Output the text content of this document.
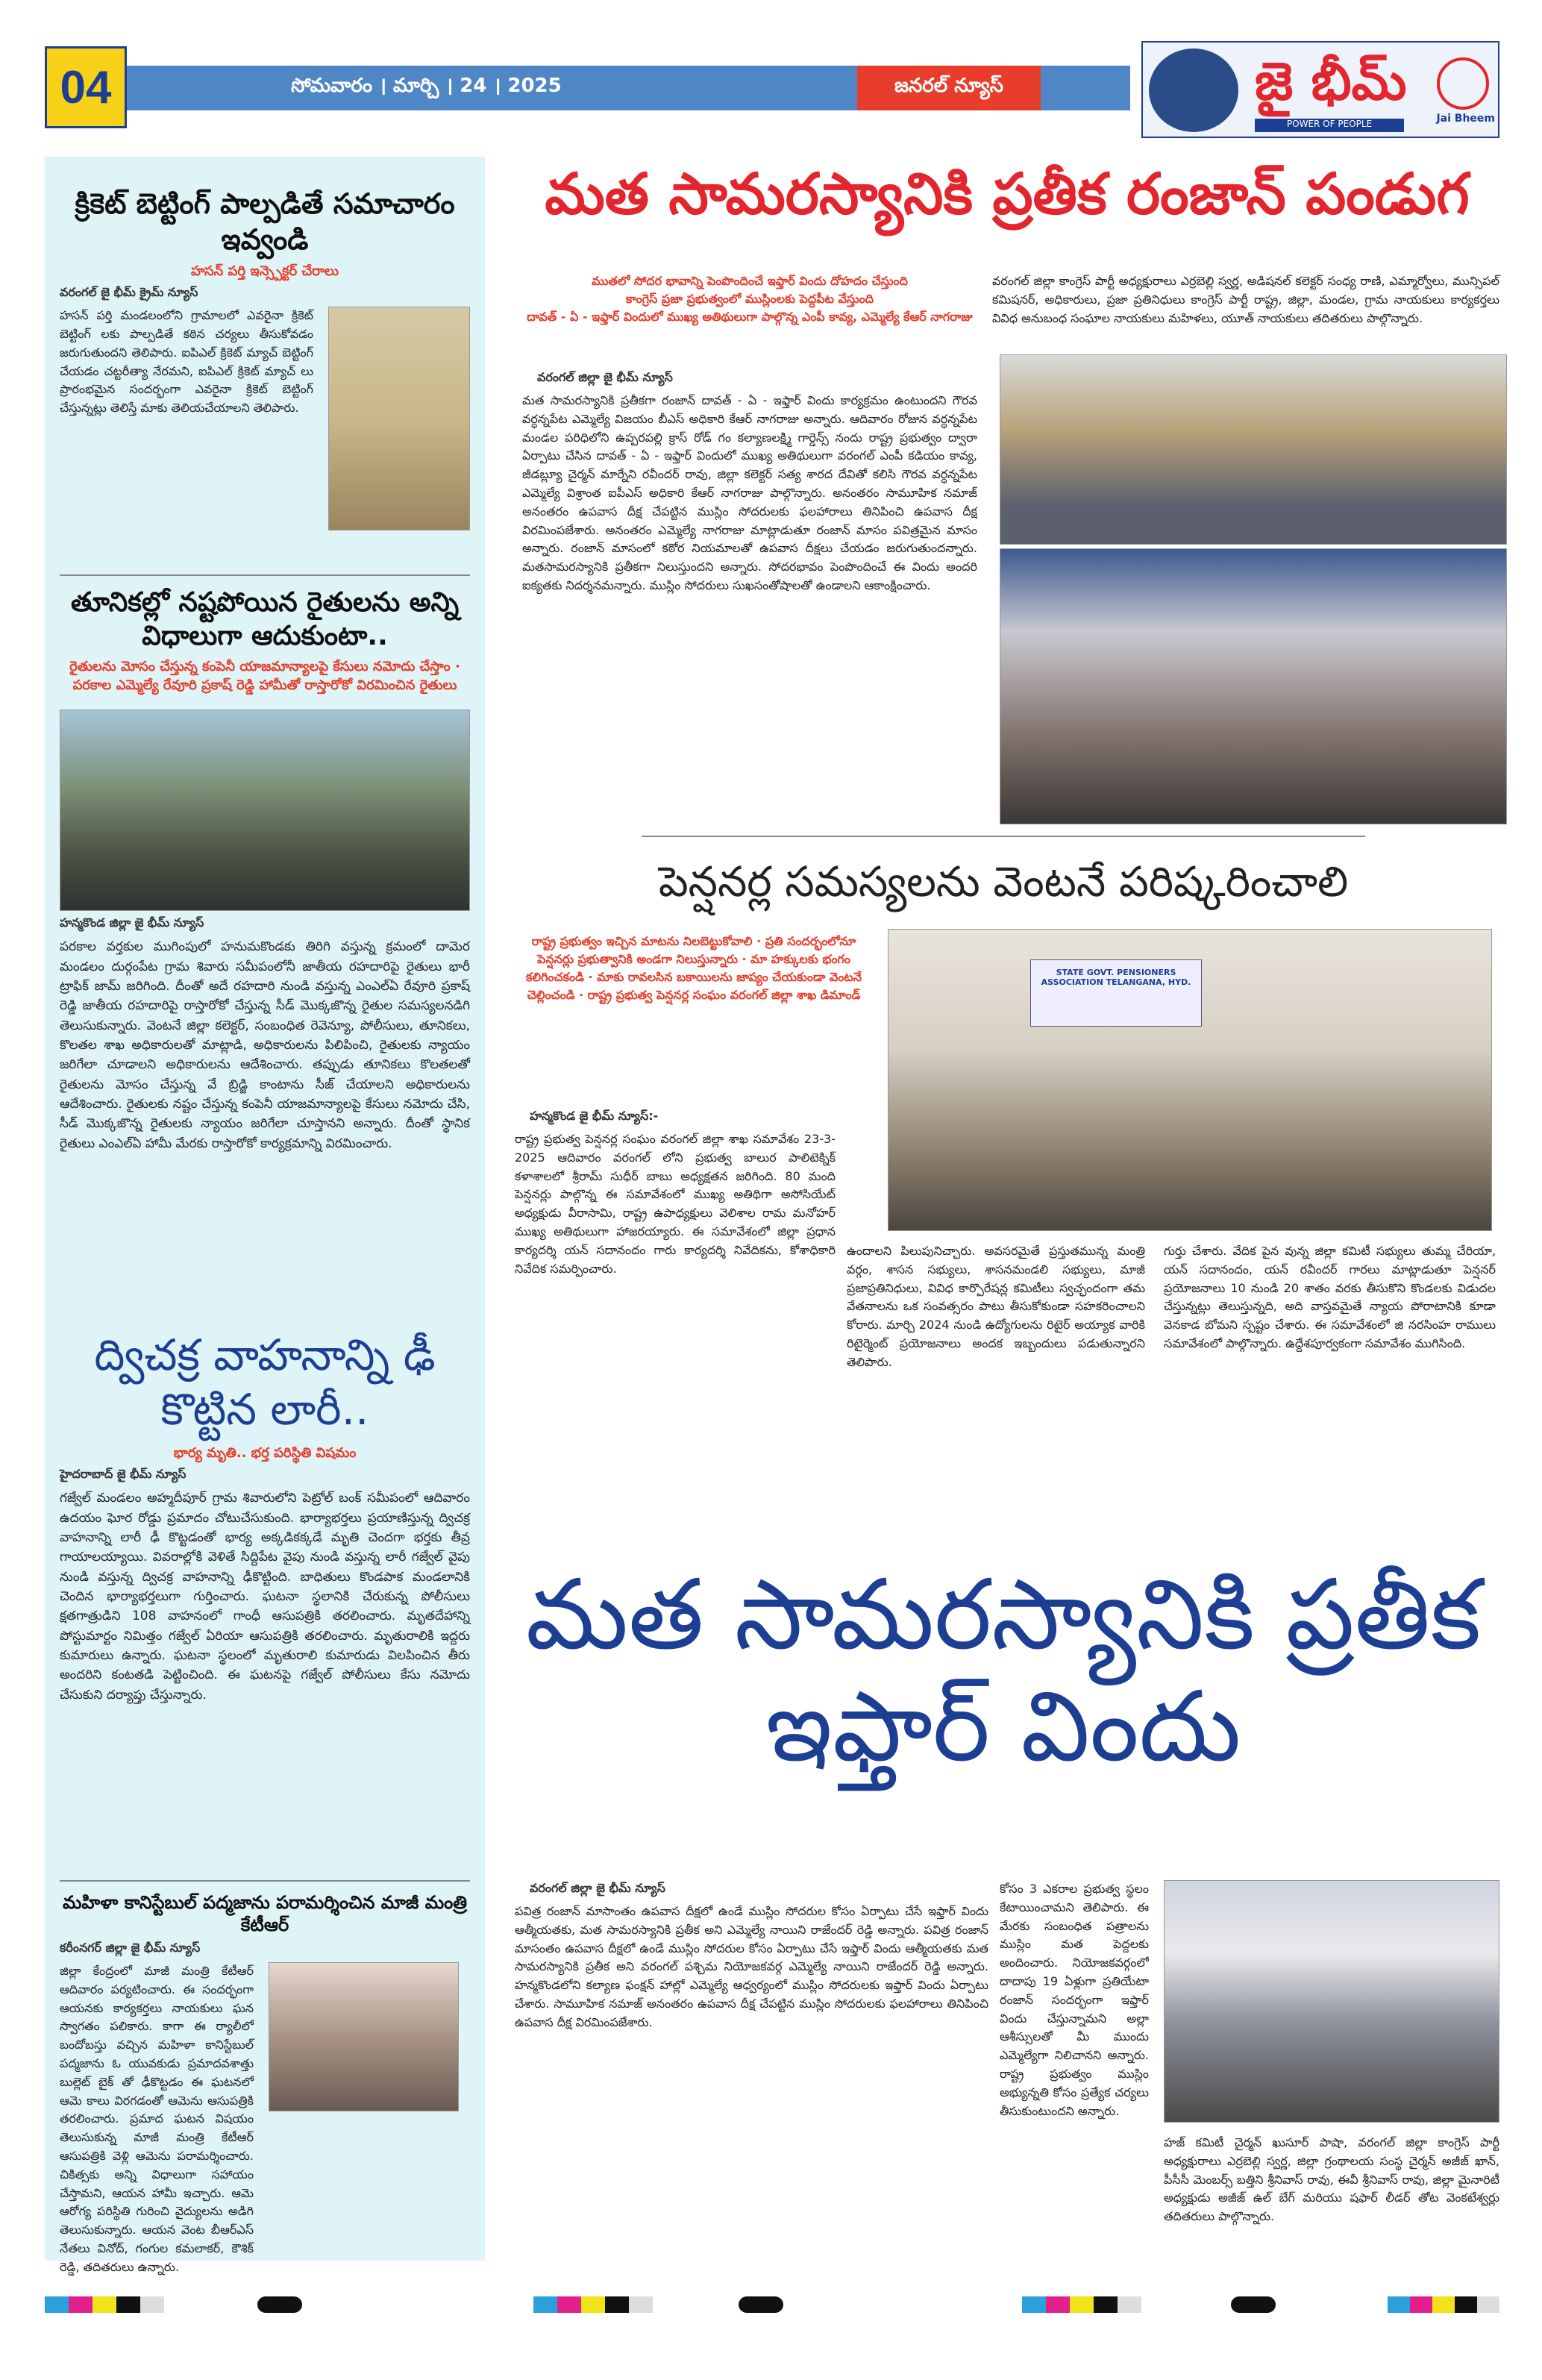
04	సోమవారం । మార్చి । 24 । 2025	జనరల్ న్యూస్	జై భీమ్
POWER OF PEOPLE	Jai Bheem
క్రికెట్ బెట్టింగ్ పాల్పడితే సమాచారం ఇవ్వండి
హసన్ పర్తి ఇన్స్పెక్టర్ చేరాలు
వరంగల్ జై భీమ్ క్రైమ్ న్యూస్
హసన్ పర్తి మండలంలోని గ్రామాలలో ఎవరైనా క్రికెట్ బెట్టింగ్ లకు పాల్పడితే కఠిన చర్యలు తీసుకోవడం జరుగుతుందని తెలిపారు. ఐపిఎల్ క్రికెట్ మ్యాచ్ బెట్టింగ్ చేయడం చట్టరీత్యా నేరమని, ఐపిఎల్ క్రికెట్ మ్యాచ్ లు ప్రారంభమైన సందర్భంగా ఎవరైనా క్రికెట్ బెట్టింగ్ చేస్తున్నట్లు తెలిస్తే మాకు తెలియచేయాలని తెలిపారు.
తూనికల్లో నష్టపోయిన రైతులను అన్ని విధాలుగా ఆదుకుంటా..
రైతులను మోసం చేస్తున్న కంపెనీ యాజమాన్యాలపై కేసులు నమోదు చేస్తాం · పరకాల ఎమ్మెల్యే రేవూరి ప్రకాష్ రెడ్డి హామీతో రాస్తారోకో విరమించిన రైతులు
హన్మకొండ జిల్లా జై భీమ్ న్యూస్
పరకాల వర్తకుల ముగింపులో హనుమకొండకు తిరిగి వస్తున్న క్రమంలో దామెర మండలం దుర్గంపేట గ్రామ శివారు సమీపంలోనీ జాతీయ రహదారిపై రైతులు భారీ ట్రాఫిక్ జామ్ జరిగింది. దీంతో అదే రహదారి నుండి వస్తున్న ఎంఎల్ఏ రేవూరి ప్రకాష్ రెడ్డి జాతీయ రహదారిపై రాస్తారోకో చేస్తున్న సీడ్ మొక్కజొన్న రైతుల సమస్యలనడిగి తెలుసుకున్నారు. వెంటనే జిల్లా కలెక్టర్, సంబంధిత రెవెన్యూ, పోలీసులు, తూనికలు, కొలతల శాఖ అధికారులతో మాట్లాడి, అధికారులను పిలిపించి, రైతులకు న్యాయం జరిగేలా చూడాలని అధికారులను ఆదేశించారు. తప్పుడు తూనికలు కొలతలతో రైతులను మోసం చేస్తున్న వే బ్రిడ్జి కాంటాను సీజ్ చేయాలని అధికారులను ఆదేశించారు. రైతులకు నష్టం చేస్తున్న కంపెనీ యాజమాన్యాలపై కేసులు నమోదు చేసి, సీడ్ మొక్కజొన్న రైతులకు న్యాయం జరిగేలా చూస్తానని అన్నారు. దీంతో స్థానిక రైతులు ఎంఎల్ఏ హామీ మేరకు రాస్తారోకో కార్యక్రమాన్ని విరమించారు.
ద్విచక్ర వాహనాన్ని ఢీ కొట్టిన లారీ..
భార్య మృతి.. భర్త పరిస్థితి విషమం
హైదరాబాద్ జై భీమ్ న్యూస్
గజ్వేల్ మండలం అహ్మదీపూర్ గ్రామ శివారులోని పెట్రోల్ బంక్ సమీపంలో ఆదివారం ఉదయం ఘోర రోడ్డు ప్రమాదం చోటుచేసుకుంది. భార్యాభర్తలు ప్రయాణిస్తున్న ద్విచక్ర వాహనాన్ని లారీ ఢీ కొట్టడంతో భార్య అక్కడికక్కడే మృతి చెందగా భర్తకు తీవ్ర గాయాలయ్యాయి. వివరాల్లోకి వెళితే సిద్దిపేట వైపు నుండి వస్తున్న లారీ గజ్వేల్ వైపు నుండి వస్తున్న ద్విచక్ర వాహనాన్ని ఢీకొట్టింది. బాధితులు కొండపాక మండలానికి చెందిన భార్యాభర్తలుగా గుర్తించారు. ఘటనా స్థలానికి చేరుకున్న పోలీసులు క్షతగాత్రుడిని 108 వాహనంలో గాంధీ ఆసుపత్రికి తరలించారు. మృతదేహాన్ని పోస్టుమార్టం నిమిత్తం గజ్వేల్ ఏరియా ఆసుపత్రికి తరలించారు. మృతురాలికి ఇద్దరు కుమారులు ఉన్నారు. ఘటనా స్థలంలో మృతురాలి కుమారుడు విలపించిన తీరు అందరిని కంటతడి పెట్టించింది. ఈ ఘటనపై గజ్వేల్ పోలీసులు కేసు నమోదు చేసుకుని దర్యాప్తు చేస్తున్నారు.
మహిళా కానిస్టేబుల్ పద్మజాను పరామర్శించిన మాజీ మంత్రి కేటీఆర్
కరీంనగర్ జిల్లా జై భీమ్ న్యూస్
జిల్లా కేంద్రంలో మాజీ మంత్రి కేటీఆర్ ఆదివారం పర్యటించారు. ఈ సందర్భంగా ఆయనకు కార్యకర్తలు నాయకులు ఘన స్వాగతం పలికారు. కాగా ఈ ర్యాలీలో బందోబస్తు వచ్చిన మహిళా కానిస్టేబుల్ పద్మజాను ఓ యువకుడు ప్రమాదవశాత్తు బుల్లెట్ బైక్ తో ఢీకొట్టడం ఈ ఘటనలో ఆమె కాలు విరగడంతో ఆమెను ఆసుపత్రికి తరలించారు. ప్రమాద ఘటన విషయం తెలుసుకున్న మాజీ మంత్రి కేటీఆర్ ఆసుపత్రికి వెళ్లి ఆమెను పరామర్శించారు. చికిత్సకు అన్ని విధాలుగా సహాయం చేస్తామని, ఆయన హామీ ఇచ్చారు. ఆమె ఆరోగ్య పరిస్థితి గురించి వైద్యులను అడిగి తెలుసుకున్నారు. ఆయన వెంట బీఆర్ఎస్ నేతలు వినోద్, గంగుల కమలాకర్, కౌశిక్ రెడ్డి, తదితరులు ఉన్నారు.
మత సామరస్యానికి ప్రతీక రంజాన్ పండుగ
ముతలో సోదర భావాన్ని పెంపొందించే ఇఫ్తార్ విందు దోహదం చేస్తుంది
కాంగ్రెస్ ప్రజా ప్రభుత్వంలో ముస్లింలకు పెద్దపీట వేస్తుంది
దావత్ - ఏ - ఇఫ్తార్ విందులో ముఖ్య అతిథులుగా పాల్గొన్న ఎంపీ కావ్య, ఎమ్మెల్యే కేఆర్ నాగరాజు
వరంగల్ జిల్లా జై భీమ్ న్యూస్
మత సామరస్యానికి ప్రతీకగా రంజాన్ దావత్ - ఏ - ఇఫ్తార్ విందు కార్యక్రమం ఉంటుందని గౌరవ వర్ధన్నపేట ఎమ్మెల్యే విజయం బీఎస్ అధికారి కేఆర్ నాగరాజు అన్నారు. ఆదివారం రోజున వర్ధన్నపేట మండల పరిధిలోని ఉప్పరపల్లి క్రాస్ రోడ్ గం కల్యాణలక్ష్మి గార్డెన్స్ నందు రాష్ట్ర ప్రభుత్వం ద్వారా ఏర్పాటు చేసిన దావత్ - ఏ - ఇఫ్తార్ విందులో ముఖ్య అతిథులుగా వరంగల్ ఎంపీ కడియం కావ్య, జీడబ్ల్యూ చైర్మన్ మార్నేని రవీందర్ రావు, జిల్లా కలెక్టర్ సత్య శారద దేవితో కలిసి గౌరవ వర్ధన్నపేట ఎమ్మెల్యే విశ్రాంత ఐపీఎస్ అధికారి కేఆర్ నాగరాజు పాల్గొన్నారు. అనంతరం సామూహిక నమాజ్ అనంతరం ఉపవాస దీక్ష చేపట్టిన ముస్లిం సోదరులకు ఫలహారాలు తినిపించి ఉపవాస దీక్ష విరమింపజేశారు. అనంతరం ఎమ్మెల్యే నాగరాజు మాట్లాడుతూ రంజాన్ మాసం పవిత్రమైన మాసం అన్నారు. రంజాన్ మాసంలో కఠోర నియమాలతో ఉపవాస దీక్షలు చేయడం జరుగుతుందన్నారు. మతసామరస్యానికి ప్రతీకగా నిలుస్తుందని అన్నారు. సోదరభావం పెంపొందించే ఈ విందు అందరి ఐక్యతకు నిదర్శనమన్నారు. ముస్లిం సోదరులు సుఖసంతోషాలతో ఉండాలని ఆకాంక్షించారు.
వరంగల్ జిల్లా కాంగ్రెస్ పార్టీ అధ్యక్షురాలు ఎర్రబెల్లి స్వర్ణ, అడిషనల్ కలెక్టర్ సంధ్య రాణి, ఎమ్మార్వోలు, మున్సిపల్ కమిషనర్, అధికారులు, ప్రజా ప్రతినిధులు కాంగ్రెస్ పార్టీ రాష్ట్ర, జిల్లా, మండల, గ్రామ నాయకులు కార్యకర్తలు వివిధ అనుబంధ సంఘాల నాయకులు మహిళలు, యూత్ నాయకులు తదితరులు పాల్గొన్నారు.
పెన్షనర్ల సమస్యలను వెంటనే పరిష్కరించాలి
రాష్ట్ర ప్రభుత్వం ఇచ్చిన మాటను నిలబెట్టుకోవాలి · ప్రతి సందర్భంలోనూ పెన్షనర్లు ప్రభుత్వానికి అండగా నిలుస్తున్నారు · మా హక్కులకు భంగం కలిగించకండి · మాకు రావలసిన బకాయిలను జాప్యం చేయకుండా వెంటనే చెల్లించండి · రాష్ట్ర ప్రభుత్వ పెన్షనర్ల సంఘం వరంగల్ జిల్లా శాఖ డిమాండ్
హన్మకొండ జై భీమ్ న్యూస్:-
STATE GOVT. PENSIONERS ASSOCIATION TELANGANA, HYD.
రాష్ట్ర ప్రభుత్వ పెన్షనర్ల సంఘం వరంగల్ జిల్లా శాఖ సమావేశం 23-3-2025 ఆదివారం వరంగల్ లోని ప్రభుత్వ బాలుర పాలిటెక్నిక్ కళాశాలలో శ్రీరామ్ సుధీర్ బాబు అధ్యక్షతన జరిగింది. 80 మంది పెన్షనర్లు పాల్గొన్న ఈ సమావేశంలో ముఖ్య అతిథిగా అసోసియేట్ అధ్యక్షుడు వీరాసామి, రాష్ట్ర ఉపాధ్యక్షులు వెలిశాల రామ మనోహర్ ముఖ్య అతిథులుగా హాజరయ్యారు. ఈ సమావేశంలో జిల్లా ప్రధాన కార్యదర్శి యన్ సదానందం గారు కార్యదర్శి నివేదికను, కోశాధికారి నివేదిక సమర్పించారు.
ఉందాలని పిలుపునిచ్చారు. అవసరమైతే ప్రస్తుతమున్న మంత్రి వర్గం, శాసన సభ్యులు, శాసనమండలి సభ్యులు, మాజీ ప్రజాప్రతినిధులు, వివిధ కార్పొరేషన్ల కమిటీలు స్వచ్ఛందంగా తమ వేతనాలను ఒక సంవత్సరం పాటు తీసుకోకుండా సహకరించాలని కోరారు. మార్చి 2024 నుండి ఉద్యోగులను రిటైర్ అయ్యాక వారికి రిటైర్మెంట్ ప్రయోజనాలు అందక ఇబ్బందులు పడుతున్నారని తెలిపారు.
గుర్తు చేశారు. వేదిక పైన వున్న జిల్లా కమిటీ సభ్యులు తుమ్మ చేరియా, యన్ సదానందం, యన్ రవీందర్ గారలు మాట్లాడుతూ పెన్షనర్ ప్రయోజనాలు 10 నుండి 20 శాతం వరకు తీసుకొని కొండలకు విడుదల చేస్తున్నట్లు తెలుస్తున్నది, అది వాస్తవమైతే న్యాయ పోరాటానికి కూడా వెనకాడ బోమని స్పష్టం చేశారు. ఈ సమావేశంలో జి నరసింహ రాములు సమావేశంలో పాల్గొన్నారు. ఉద్దేశపూర్వకంగా సమావేశం ముగిసింది.
మత సామరస్యానికి ప్రతీక ఇఫ్తార్ విందు
వరంగల్ జిల్లా జై భీమ్ న్యూస్
పవిత్ర రంజాన్ మాసాంతం ఉపవాస దీక్షలో ఉండే ముస్లిం సోదరుల కోసం ఏర్పాటు చేసే ఇఫ్తార్ విందు ఆత్మీయతకు, మత సామరస్యానికి ప్రతీక అని ఎమ్మెల్యే నాయిని రాజేందర్ రెడ్డి అన్నారు. పవిత్ర రంజాన్ మాసంతం ఉపవాస దీక్షలో ఉండే ముస్లిం సోదరుల కోసం ఏర్పాటు చేసే ఇఫ్తార్ విందు ఆత్మీయతకు మత సామరస్యానికి ప్రతీక అని వరంగల్ పశ్చిమ నియోజకవర్గ ఎమ్మెల్యే నాయిని రాజేందర్ రెడ్డి అన్నారు. హన్మకొండలోని కల్యాణ ఫంక్షన్ హాల్లో ఎమ్మెల్యే ఆధ్వర్యంలో ముస్లిం సోదరులకు ఇఫ్తార్ విందు ఏర్పాటు చేశారు. సామూహిక నమాజ్ అనంతరం ఉపవాస దీక్ష చేపట్టిన ముస్లిం సోదరులకు ఫలహారాలు తినిపించి ఉపవాస దీక్ష విరమింపజేశారు.
కోసం 3 ఎకరాల ప్రభుత్వ స్థలం కేటాయించామని తెలిపారు. ఈ మేరకు సంబంధిత పత్రాలను ముస్లిం మత పెద్దలకు అందించారు. నియోజకవర్గంలో దాదాపు 19 ఏళ్లుగా ప్రతియేటా రంజాన్ సందర్భంగా ఇఫ్తార్ విందు చేస్తున్నామని అల్లా ఆశీస్సులతో మీ ముందు ఎమ్మెల్యేగా నిలిచానని అన్నారు. రాష్ట్ర ప్రభుత్వం ముస్లిం అభ్యున్నతి కోసం ప్రత్యేక చర్యలు తీసుకుంటుందని అన్నారు.
హజ్ కమిటీ చైర్మన్ ఖుసూర్ పాషా, వరంగల్ జిల్లా కాంగ్రెస్ పార్టీ అధ్యక్షురాలు ఎర్రబెల్లి స్వర్ణ, జిల్లా గ్రంథాలయ సంస్థ చైర్మన్ అజీజ్ ఖాన్, పీసీసీ మెంబర్స్ బత్తిని శ్రీనివాస్ రావు, ఈవీ శ్రీనివాస్ రావు, జిల్లా మైనారిటీ అధ్యక్షుడు అజీజ్ ఉల్ బేగ్ మరియు షఫార్ లీడర్ తోట వెంకటేశ్వర్లు తదితరులు పాల్గొన్నారు.
